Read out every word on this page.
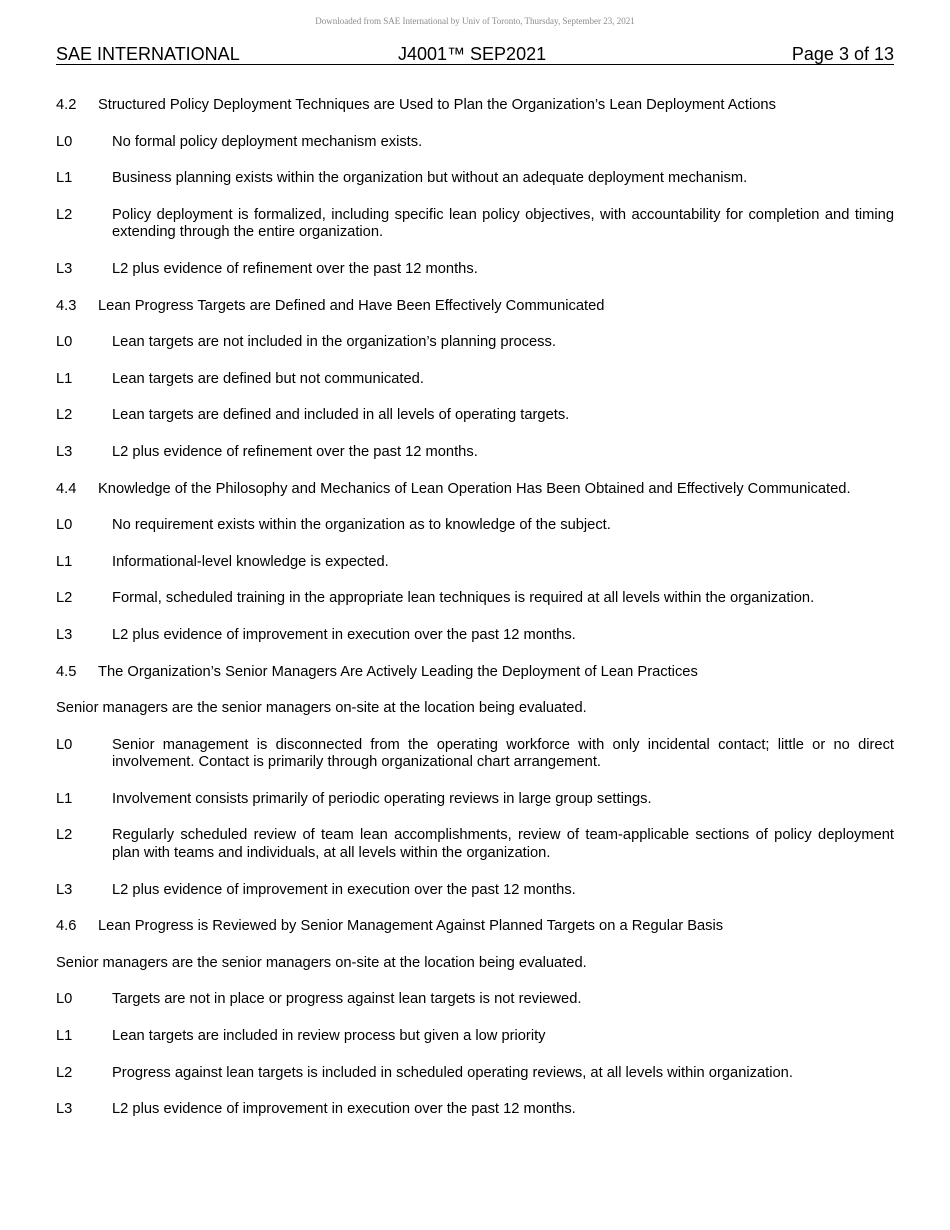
Downloaded from SAE International by Univ of Toronto, Thursday, September 23, 2021
SAE INTERNATIONAL	J4001™ SEP2021	Page 3 of 13
4.2	Structured Policy Deployment Techniques are Used to Plan the Organization’s Lean Deployment Actions
L0	No formal policy deployment mechanism exists.
L1	Business planning exists within the organization but without an adequate deployment mechanism.
L2	Policy deployment is formalized, including specific lean policy objectives, with accountability for completion and timing extending through the entire organization.
L3	L2 plus evidence of refinement over the past 12 months.
4.3	Lean Progress Targets are Defined and Have Been Effectively Communicated
L0	Lean targets are not included in the organization’s planning process.
L1	Lean targets are defined but not communicated.
L2	Lean targets are defined and included in all levels of operating targets.
L3	L2 plus evidence of refinement over the past 12 months.
4.4	Knowledge of the Philosophy and Mechanics of Lean Operation Has Been Obtained and Effectively Communicated.
L0	No requirement exists within the organization as to knowledge of the subject.
L1	Informational-level knowledge is expected.
L2	Formal, scheduled training in the appropriate lean techniques is required at all levels within the organization.
L3	L2 plus evidence of improvement in execution over the past 12 months.
4.5	The Organization’s Senior Managers Are Actively Leading the Deployment of Lean Practices
Senior managers are the senior managers on-site at the location being evaluated.
L0	Senior management is disconnected from the operating workforce with only incidental contact; little or no direct involvement. Contact is primarily through organizational chart arrangement.
L1	Involvement consists primarily of periodic operating reviews in large group settings.
L2	Regularly scheduled review of team lean accomplishments, review of team-applicable sections of policy deployment plan with teams and individuals, at all levels within the organization.
L3	L2 plus evidence of improvement in execution over the past 12 months.
4.6	Lean Progress is Reviewed by Senior Management Against Planned Targets on a Regular Basis
Senior managers are the senior managers on-site at the location being evaluated.
L0	Targets are not in place or progress against lean targets is not reviewed.
L1	Lean targets are included in review process but given a low priority
L2	Progress against lean targets is included in scheduled operating reviews, at all levels within organization.
L3	L2 plus evidence of improvement in execution over the past 12 months.
